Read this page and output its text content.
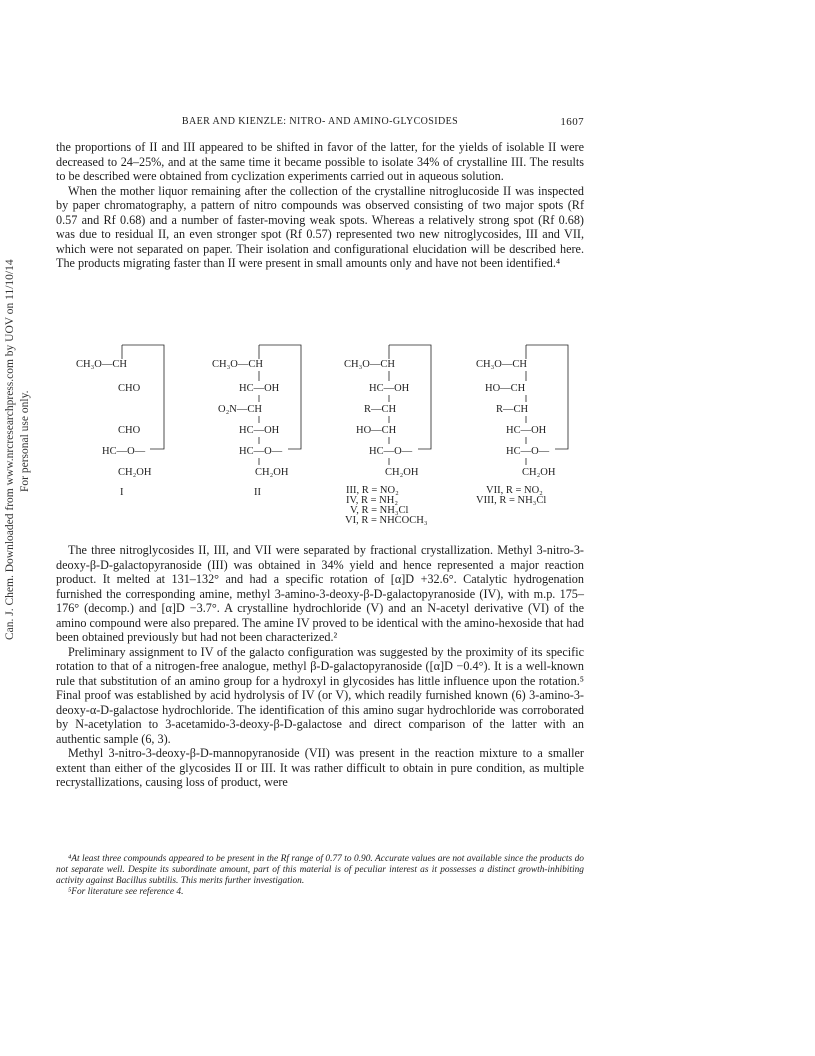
Can. J. Chem. Downloaded from www.nrcresearchpress.com by UOV on 11/10/14 For personal use only.
BAER AND KIENZLE: NITRO- AND AMINO-GLYCOSIDES	1607

the proportions of II and III appeared to be shifted in favor of the latter, for the yields of isolable II were decreased to 24–25%, and at the same time it became possible to isolate 34% of crystalline III. The results to be described were obtained from cyclization experiments carried out in aqueous solution.

When the mother liquor remaining after the collection of the crystalline nitroglucoside II was inspected by paper chromatography, a pattern of nitro compounds was observed consisting of two major spots (Rf 0.57 and Rf 0.68) and a number of faster-moving weak spots. Whereas a relatively strong spot (Rf 0.68) was due to residual II, an even stronger spot (Rf 0.57) represented two new nitroglycosides, III and VII, which were not separated on paper. Their isolation and configurational elucidation will be described here. The products migrating faster than II were present in small amounts only and have not been identified.⁴

CH₃O—CH
CHO
CHO
HC—O—
CH₂OH
I
CH₃O—CH
HC—OH
O₂N—CH
HC—OH
HC—O—
CH₂OH
II
CH₃O—CH
HC—OH
R—CH
HO—CH
HC—O—
CH₂OH
III, R = NO₂
IV, R = NH₂
V, R = NH₃Cl
VI, R = NHCOCH₃
CH₃O—CH
HO—CH
R—CH
HC—OH
HC—O—
CH₂OH
VII, R = NO₂
VIII, R = NH₃Cl

The three nitroglycosides II, III, and VII were separated by fractional crystallization. Methyl 3-nitro-3-deoxy-β-D-galactopyranoside (III) was obtained in 34% yield and hence represented a major reaction product. It melted at 131–132° and had a specific rotation of [α]D +32.6°. Catalytic hydrogenation furnished the corresponding amine, methyl 3-amino-3-deoxy-β-D-galactopyranoside (IV), with m.p. 175–176° (decomp.) and [α]D −3.7°. A crystalline hydrochloride (V) and an N-acetyl derivative (VI) of the amino compound were also prepared. The amine IV proved to be identical with the amino-hexoside that had been obtained previously but had not been characterized.²

Preliminary assignment to IV of the galacto configuration was suggested by the proximity of its specific rotation to that of a nitrogen-free analogue, methyl β-D-galactopyranoside ([α]D −0.4°). It is a well-known rule that substitution of an amino group for a hydroxyl in glycosides has little influence upon the rotation.⁵ Final proof was established by acid hydrolysis of IV (or V), which readily furnished known (6) 3-amino-3-deoxy-α-D-galactose hydrochloride. The identification of this amino sugar hydrochloride was corroborated by N-acetylation to 3-acetamido-3-deoxy-β-D-galactose and direct comparison of the latter with an authentic sample (6, 3).

Methyl 3-nitro-3-deoxy-β-D-mannopyranoside (VII) was present in the reaction mixture to a smaller extent than either of the glycosides II or III. It was rather difficult to obtain in pure condition, as multiple recrystallizations, causing loss of product, were

⁴At least three compounds appeared to be present in the Rf range of 0.77 to 0.90. Accurate values are not available since the products do not separate well. Despite its subordinate amount, part of this material is of peculiar interest as it possesses a distinct growth-inhibiting activity against Bacillus subtilis. This merits further investigation.

⁵For literature see reference 4.
